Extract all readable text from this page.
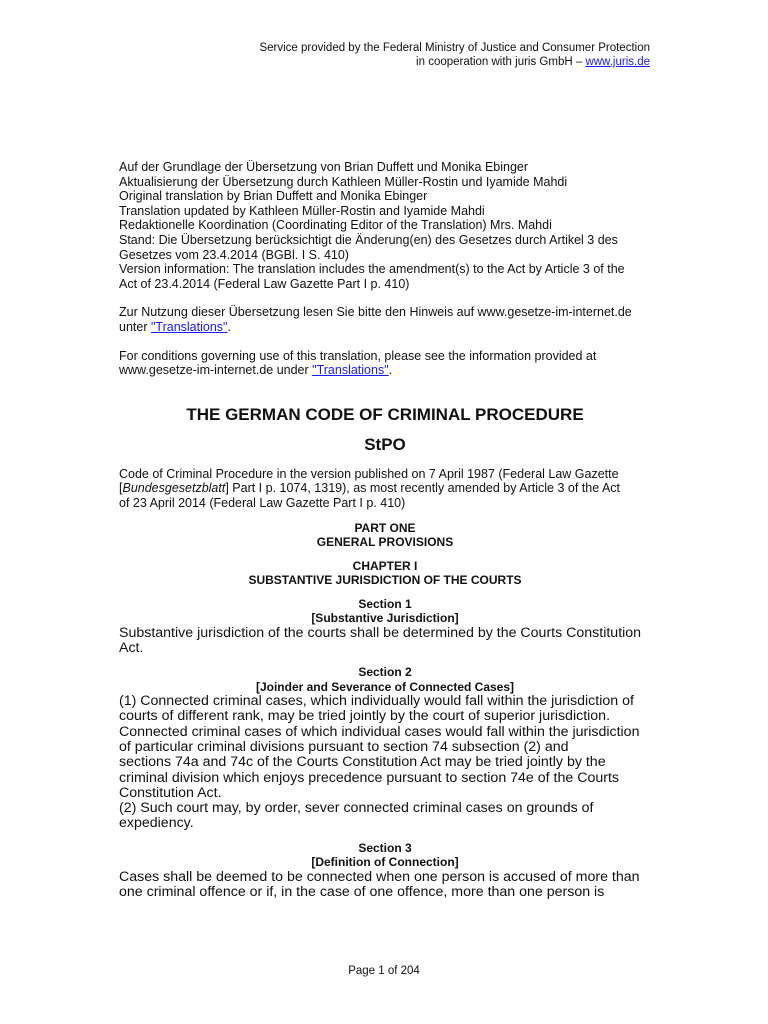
Service provided by the Federal Ministry of Justice and Consumer Protection
in cooperation with juris GmbH – www.juris.de
Auf der Grundlage der Übersetzung von Brian Duffett und Monika Ebinger
Aktualisierung der Übersetzung durch Kathleen Müller-Rostin und Iyamide Mahdi
Original translation by Brian Duffett and Monika Ebinger
Translation updated by Kathleen Müller-Rostin and Iyamide Mahdi
Redaktionelle Koordination (Coordinating Editor of the Translation) Mrs. Mahdi
Stand: Die Übersetzung berücksichtigt die Änderung(en) des Gesetzes durch Artikel 3 des
Gesetzes vom 23.4.2014 (BGBl. I S. 410)
Version information: The translation includes the amendment(s) to the Act by Article 3 of the
Act of 23.4.2014 (Federal Law Gazette Part I p. 410)
Zur Nutzung dieser Übersetzung lesen Sie bitte den Hinweis auf www.gesetze-im-internet.de
unter "Translations".
For conditions governing use of this translation, please see the information provided at
www.gesetze-im-internet.de under "Translations".
THE GERMAN CODE OF CRIMINAL PROCEDURE
StPO
Code of Criminal Procedure in the version published on 7 April 1987 (Federal Law Gazette
[Bundesgesetzblatt] Part I p. 1074, 1319), as most recently amended by Article 3 of the Act
of 23 April 2014 (Federal Law Gazette Part I p. 410)
PART ONE
GENERAL PROVISIONS
CHAPTER I
SUBSTANTIVE JURISDICTION OF THE COURTS
Section 1
[Substantive Jurisdiction]
Substantive jurisdiction of the courts shall be determined by the Courts Constitution
Act.
Section 2
[Joinder and Severance of Connected Cases]
(1) Connected criminal cases, which individually would fall within the jurisdiction of
courts of different rank, may be tried jointly by the court of superior jurisdiction.
Connected criminal cases of which individual cases would fall within the jurisdiction
of particular criminal divisions pursuant to section 74 subsection (2) and
sections 74a and 74c of the Courts Constitution Act may be tried jointly by the
criminal division which enjoys precedence pursuant to section 74e of the Courts
Constitution Act.
(2) Such court may, by order, sever connected criminal cases on grounds of
expediency.
Section 3
[Definition of Connection]
Cases shall be deemed to be connected when one person is accused of more than
one criminal offence or if, in the case of one offence, more than one person is
Page 1 of 204
